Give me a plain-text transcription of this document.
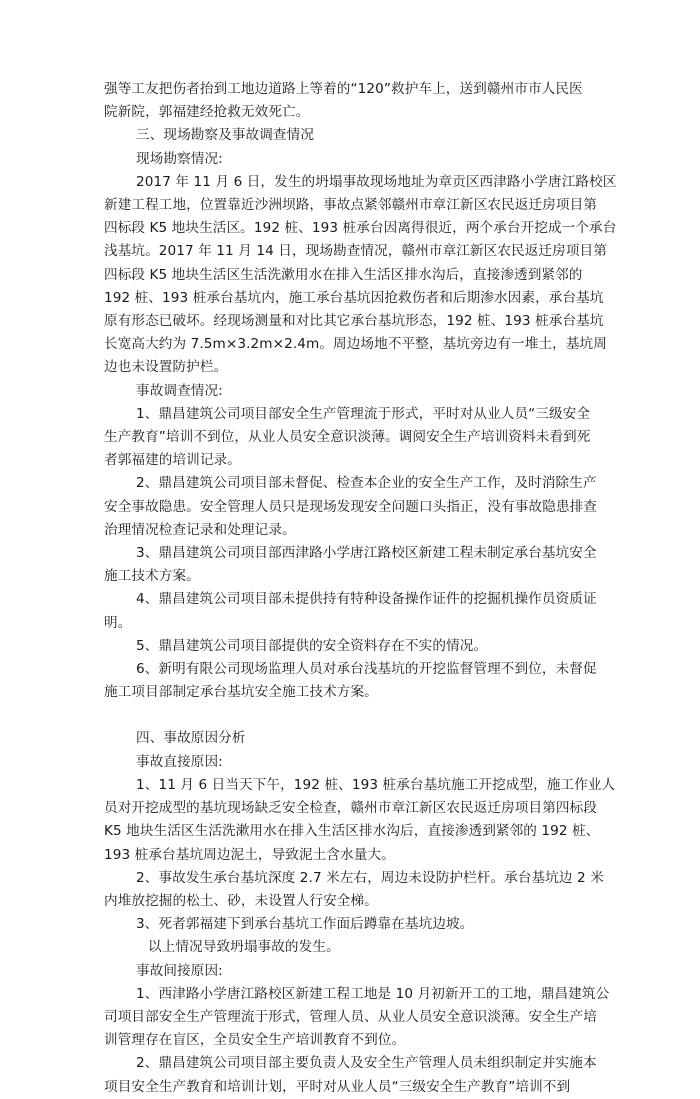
强等工友把伤者抬到工地边道路上等着的“120”救护车上，送到赣州市市人民医
院新院，郭福建经抢救无效死亡。

三、现场勘察及事故调查情况

现场勘察情况:

2017 年 11 月 6 日，发生的坍塌事故现场地址为章贡区西津路小学唐江路校区
新建工程工地，位置靠近沙洲坝路，事故点紧邻赣州市章江新区农民返迁房项目第
四标段 K5 地块生活区。192 桩、193 桩承台因离得很近，两个承台开挖成一个承台
浅基坑。2017 年 11 月 14 日，现场勘查情况，赣州市章江新区农民返迁房项目第
四标段 K5 地块生活区生活洗漱用水在排入生活区排水沟后，直接渗透到紧邻的
192 桩、193 桩承台基坑内，施工承台基坑因抢救伤者和后期渗水因素，承台基坑
原有形态已破坏。经现场测量和对比其它承台基坑形态，192 桩、193 桩承台基坑
长宽高大约为 7.5m×3.2m×2.4m。周边场地不平整，基坑旁边有一堆土，基坑周
边也未设置防护栏。

事故调查情况:

1、鼎昌建筑公司项目部安全生产管理流于形式，平时对从业人员“三级安全
生产教育”培训不到位，从业人员安全意识淡薄。调阅安全生产培训资料未看到死
者郭福建的培训记录。

2、鼎昌建筑公司项目部未督促、检查本企业的安全生产工作，及时消除生产
安全事故隐患。安全管理人员只是现场发现安全问题口头指正，没有事故隐患排查
治理情况检查记录和处理记录。

3、鼎昌建筑公司项目部西津路小学唐江路校区新建工程未制定承台基坑安全
施工技术方案。

4、鼎昌建筑公司项目部未提供持有特种设备操作证件的挖掘机操作员资质证
明。

5、鼎昌建筑公司项目部提供的安全资料存在不实的情况。

6、新明有限公司现场监理人员对承台浅基坑的开挖监督管理不到位，未督促
施工项目部制定承台基坑安全施工技术方案。

四、事故原因分析

事故直接原因:

1、11 月 6 日当天下午，192 桩、193 桩承台基坑施工开挖成型，施工作业人
员对开挖成型的基坑现场缺乏安全检查，赣州市章江新区农民返迁房项目第四标段
K5 地块生活区生活洗漱用水在排入生活区排水沟后，直接渗透到紧邻的 192 桩、
193 桩承台基坑周边泥土，导致泥土含水量大。

2、事故发生承台基坑深度 2.7 米左右，周边未设防护栏杆。承台基坑边 2 米
内堆放挖掘的松土、砂，未设置人行安全梯。

3、死者郭福建下到承台基坑工作面后蹲靠在基坑边坡。

以上情况导致坍塌事故的发生。

事故间接原因:

1、西津路小学唐江路校区新建工程工地是 10 月初新开工的工地，鼎昌建筑公
司项目部安全生产管理流于形式，管理人员、从业人员安全意识淡薄。安全生产培
训管理存在盲区，全员安全生产培训教育不到位。

2、鼎昌建筑公司项目部主要负责人及安全生产管理人员未组织制定并实施本
项目安全生产教育和培训计划，平时对从业人员“三级安全生产教育”培训不到
